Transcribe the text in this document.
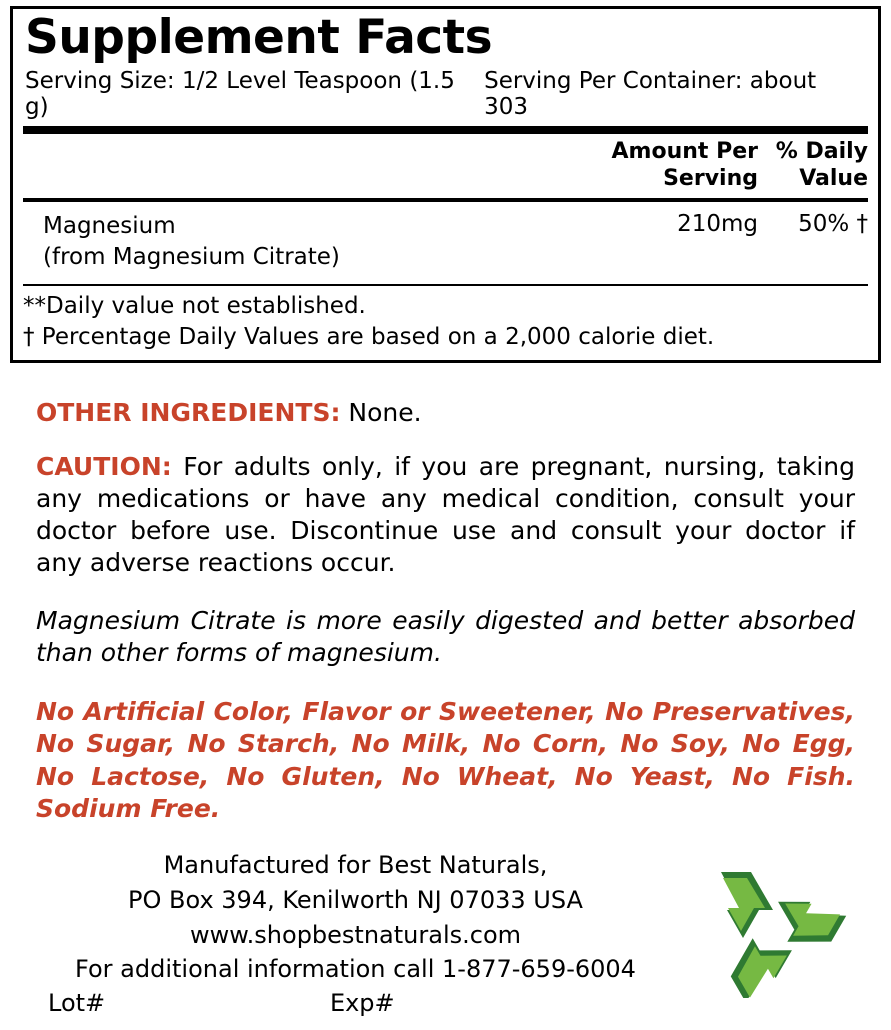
Supplement Facts
Serving Size: 1/2 Level Teaspoon (1.5 g)
Serving Per Container: about 303
Amount Per
Serving
% Daily
Value
Magnesium
(from Magnesium Citrate)
210mg	50% †
**Daily value not established.
† Percentage Daily Values are based on a 2,000 calorie diet.
OTHER INGREDIENTS: None.
CAUTION: For adults only, if you are pregnant, nursing, taking any medications or have any medical condition, consult your doctor before use. Discontinue use and consult your doctor if any adverse reactions occur.
Magnesium Citrate is more easily digested and better absorbed than other forms of magnesium.
No Artificial Color, Flavor or Sweetener, No Preservatives, No Sugar, No Starch, No Milk, No Corn, No Soy, No Egg, No Lactose, No Gluten, No Wheat, No Yeast, No Fish. Sodium Free.
Manufactured for Best Naturals,
PO Box 394, Kenilworth NJ 07033 USA
www.shopbestnaturals.com
For additional information call 1-877-659-6004
Lot#	Exp#
